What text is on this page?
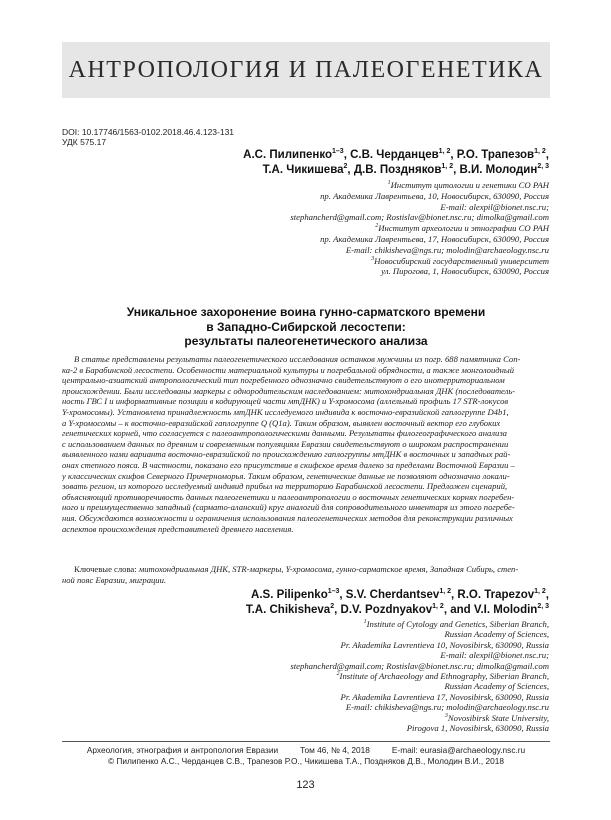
АНТРОПОЛОГИЯ И ПАЛЕОГЕНЕТИКА
DOI: 10.17746/1563-0102.2018.46.4.123-131
УДК 575.17
А.С. Пилипенко$^{1-3}$, С.В. Черданцев$^{1, 2}$, Р.О. Трапезов$^{1, 2}$,
Т.А. Чикишева$^2$, Д.В. Поздняков$^{1, 2}$, В.И. Молодин$^{2, 3}$
$^1$Институт цитологии и генетики СО РАН
пр. Академика Лаврентьева, 10, Новосибирск, 630090, Россия
E-mail: alexpil@bionet.nsc.ru;
stephancherd@gmail.com; Rostislav@bionet.nsc.ru; dimolka@gmail.com
$^2$Институт археологии и этнографии СО РАН
пр. Академика Лаврентьева, 17, Новосибирск, 630090, Россия
E-mail: chikisheva@ngs.ru; molodin@archaeology.nsc.ru
$^3$Новосибирский государственный университет
ул. Пирогова, 1, Новосибирск, 630090, Россия
Уникальное захоронение воина гунно-сарматского времени
в Западно-Сибирской лесостепи:
результаты палеогенетического анализа
В статье представлены результаты палеогенетического исследования останков мужчины из погр. 688 памятника Соп-
ка-2 в Барабинской лесостепи. Особенности материальной культуры и погребальной обрядности, а также монголоидный
центрально-азиатский антропологический тип погребенного однозначно свидетельствуют о его инотерриториальном
происхождении. Были исследованы маркеры с однородительским наследованием: митохондриальная ДНК (последователь-
ность ГВС I и информативные позиции в кодирующей части мтДНК) и Y-хромосома (аллельный профиль 17 STR-локусов
Y-хромосомы). Установлена принадлежность мтДНК исследуемого индивида к восточно-евразийской гаплогруппе D4b1,
а Y-хромосомы – к восточно-евразийской гаплогруппе Q (Q1a). Таким образом, выявлен восточный вектор его глубоких
генетических корней, что согласуется с палеоантропологическими данными. Результаты филогеографического анализа
с использованием данных по древним и современным популяциям Евразии свидетельствуют о широком распространении
выявленного нами варианта восточно-евразийской по происхождению гаплогруппы мтДНК в восточных и западных рай-
онах степного пояса. В частности, показано его присутствие в скифское время далеко за пределами Восточной Евразии –
у классических скифов Северного Причерноморья. Таким образом, генетические данные не позволяют однозначно локали-
зовать регион, из которого исследуемый индивид прибыл на территорию Барабинской лесостепи. Предложен сценарий,
объясняющий противоречивость данных палеогенетики и палеоантропологии о восточных генетических корнях погребен-
ного и преимущественно западный (сармато-аланский) круг аналогий для сопроводительного инвентаря из этого погребе-
ния. Обсуждаются возможности и ограничения использования палеогенетических методов для реконструкции различных
аспектов происхождения представителей древнего населения.
Ключевые слова: митохондриальная ДНК, STR-маркеры, Y-хромосома, гунно-сарматское время, Западная Сибирь, степ-
ной пояс Евразии, миграции.
A.S. Pilipenko$^{1-3}$, S.V. Cherdantsev$^{1, 2}$, R.O. Trapezov$^{1, 2}$,
T.A. Chikisheva$^2$, D.V. Pozdnyakov$^{1, 2}$, and V.I. Molodin$^{2, 3}$
$^1$Institute of Cytology and Genetics, Siberian Branch,
Russian Academy of Sciences,
Pr. Akademika Lavrentieva 10, Novosibirsk, 630090, Russia
E-mail: alexpil@bionet.nsc.ru;
stephancherd@gmail.com; Rostislav@bionet.nsc.ru; dimolka@gmail.com
$^2$Institute of Archaeology and Ethnography, Siberian Branch,
Russian Academy of Sciences,
Pr. Akademika Lavrentieva 17, Novosibirsk, 630090, Russia
E-mail: chikisheva@ngs.ru; molodin@archaeology.nsc.ru
$^3$Novosibirsk State University,
Pirogova 1, Novosibirsk, 630090, Russia
Археология, этнография и антропология Евразии	Том 46, № 4, 2018	E-mail: eurasia@archaeology.nsc.ru
© Пилипенко А.С., Черданцев С.В., Трапезов Р.О., Чикишева Т.А., Поздняков Д.В., Молодин В.И., 2018
123
